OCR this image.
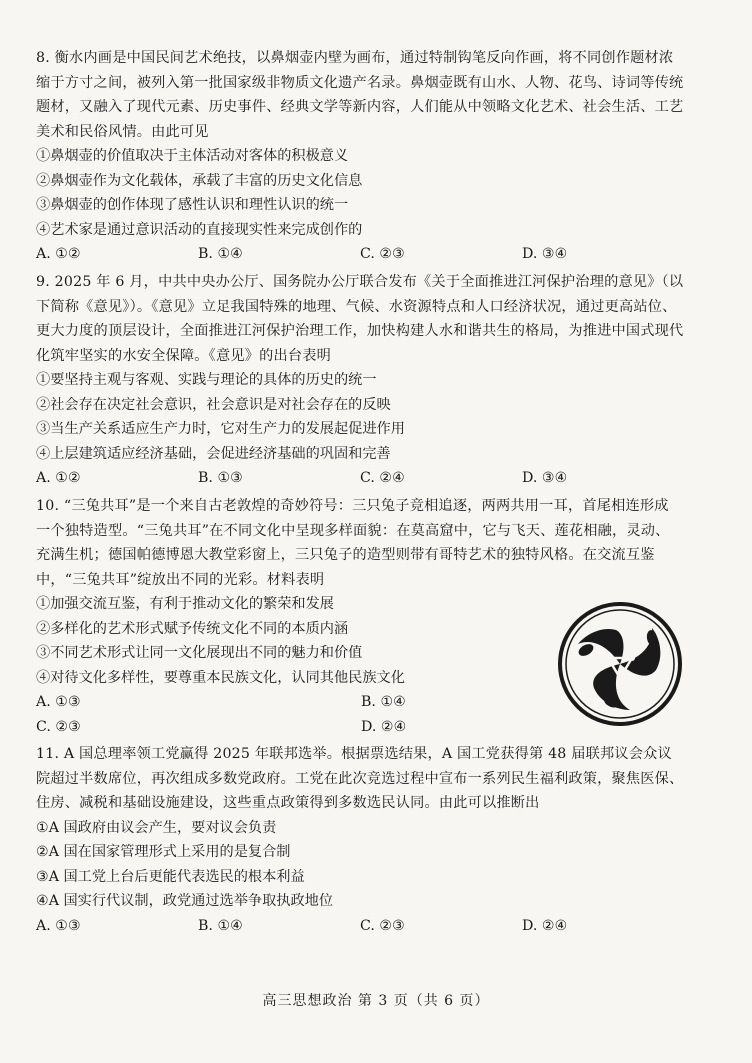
8. 衡水内画是中国民间艺术绝技，以鼻烟壶内壁为画布，通过特制钩笔反向作画，将不同创作题材浓缩于方寸之间，被列入第一批国家级非物质文化遗产名录。鼻烟壶既有山水、人物、花鸟、诗词等传统题材，又融入了现代元素、历史事件、经典文学等新内容，人们能从中领略文化艺术、社会生活、工艺美术和民俗风情。由此可见
①鼻烟壶的价值取决于主体活动对客体的积极意义
②鼻烟壶作为文化载体，承载了丰富的历史文化信息
③鼻烟壶的创作体现了感性认识和理性认识的统一
④艺术家是通过意识活动的直接现实性来完成创作的
A. ①②	B. ①④	C. ②③	D. ③④
9. 2025 年 6 月，中共中央办公厅、国务院办公厅联合发布《关于全面推进江河保护治理的意见》（以下简称《意见》）。《意见》立足我国特殊的地理、气候、水资源特点和人口经济状况，通过更高站位、更大力度的顶层设计，全面推进江河保护治理工作，加快构建人水和谐共生的格局，为推进中国式现代化筑牢坚实的水安全保障。《意见》的出台表明
①要坚持主观与客观、实践与理论的具体的历史的统一
②社会存在决定社会意识，社会意识是对社会存在的反映
③当生产关系适应生产力时，它对生产力的发展起促进作用
④上层建筑适应经济基础，会促进经济基础的巩固和完善
A. ①②	B. ①③	C. ②④	D. ③④
10. “三兔共耳”是一个来自古老敦煌的奇妙符号：三只兔子竞相追逐，两两共用一耳，首尾相连形成一个独特造型。“三兔共耳”在不同文化中呈现多样面貌：在莫高窟中，它与飞天、莲花相融，灵动、充满生机；德国帕德博恩大教堂彩窗上，三只兔子的造型则带有哥特艺术的独特风格。在交流互鉴中，“三兔共耳”绽放出不同的光彩。材料表明
①加强交流互鉴，有利于推动文化的繁荣和发展
②多样化的艺术形式赋予传统文化不同的本质内涵
③不同艺术形式让同一文化展现出不同的魅力和价值
④对待文化多样性，要尊重本民族文化，认同其他民族文化
A. ①③	B. ①④
C. ②③	D. ②④
11. A 国总理率领工党赢得 2025 年联邦选举。根据票选结果，A 国工党获得第 48 届联邦议会众议院超过半数席位，再次组成多数党政府。工党在此次竞选过程中宣布一系列民生福利政策，聚焦医保、住房、减税和基础设施建设，这些重点政策得到多数选民认同。由此可以推断出
①A 国政府由议会产生，要对议会负责
②A 国在国家管理形式上采用的是复合制
③A 国工党上台后更能代表选民的根本利益
④A 国实行代议制，政党通过选举争取执政地位
A. ①③	B. ①④	C. ②③	D. ②④
高三思想政治 第 3 页（共 6 页）
